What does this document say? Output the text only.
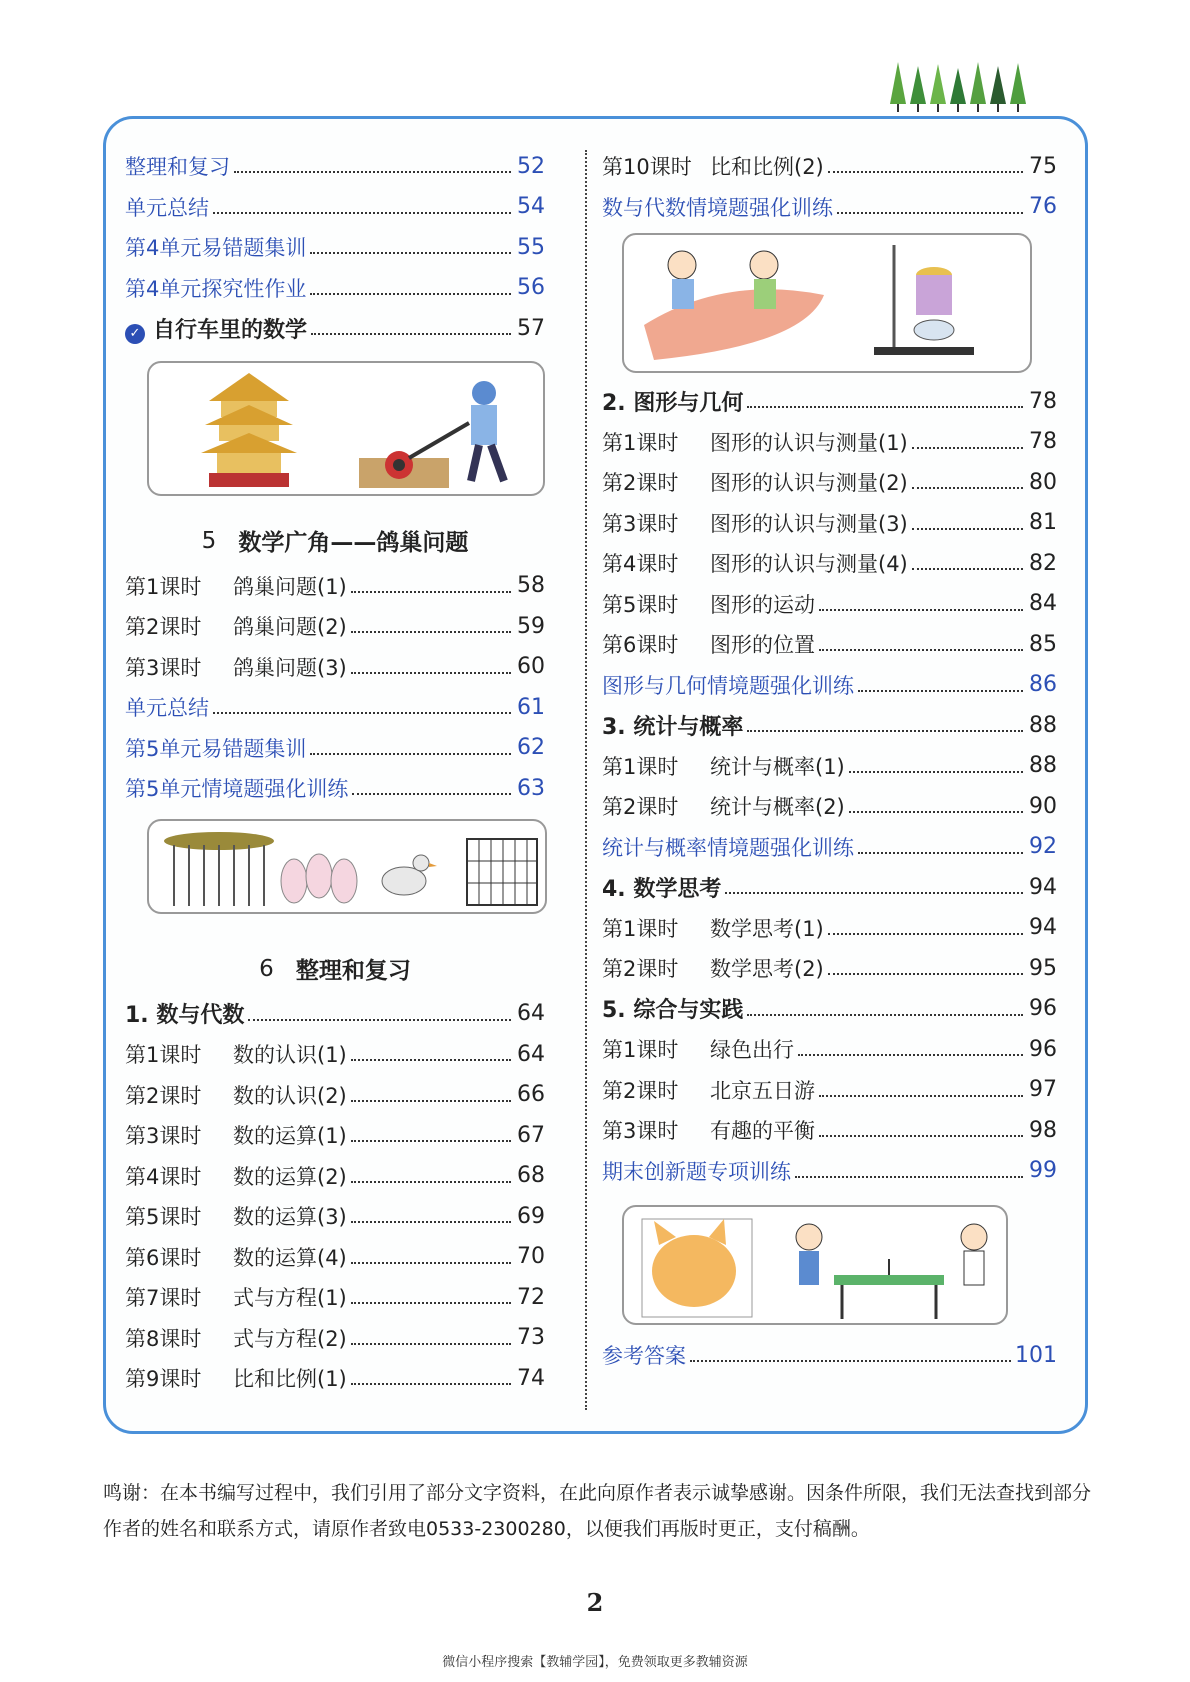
整理和复习	52
单元总结	54
第4单元易错题集训	55
第4单元探究性作业	56
✓ 自行车里的数学	57
5 数学广角——鸽巢问题
第1课时 鸽巢问题(1)	58
第2课时 鸽巢问题(2)	59
第3课时 鸽巢问题(3)	60
单元总结	61
第5单元易错题集训	62
第5单元情境题强化训练	63
6 整理和复习
1. 数与代数	64
第1课时 数的认识(1)	64
第2课时 数的认识(2)	66
第3课时 数的运算(1)	67
第4课时 数的运算(2)	68
第5课时 数的运算(3)	69
第6课时 数的运算(4)	70
第7课时 式与方程(1)	72
第8课时 式与方程(2)	73
第9课时 比和比例(1)	74
第10课时 比和比例(2)	75
数与代数情境题强化训练	76
2. 图形与几何	78
第1课时 图形的认识与测量(1)	78
第2课时 图形的认识与测量(2)	80
第3课时 图形的认识与测量(3)	81
第4课时 图形的认识与测量(4)	82
第5课时 图形的运动	84
第6课时 图形的位置	85
图形与几何情境题强化训练	86
3. 统计与概率	88
第1课时 统计与概率(1)	88
第2课时 统计与概率(2)	90
统计与概率情境题强化训练	92
4. 数学思考	94
第1课时 数学思考(1)	94
第2课时 数学思考(2)	95
5. 综合与实践	96
第1课时 绿色出行	96
第2课时 北京五日游	97
第3课时 有趣的平衡	98
期末创新题专项训练	99
参考答案	101
鸣谢：在本书编写过程中，我们引用了部分文字资料，在此向原作者表示诚挚感谢。因条件所限，我们无法查找到部分作者的姓名和联系方式，请原作者致电0533-2300280，以便我们再版时更正，支付稿酬。
2
微信小程序搜索【教辅学园】，免费领取更多教辅资源
